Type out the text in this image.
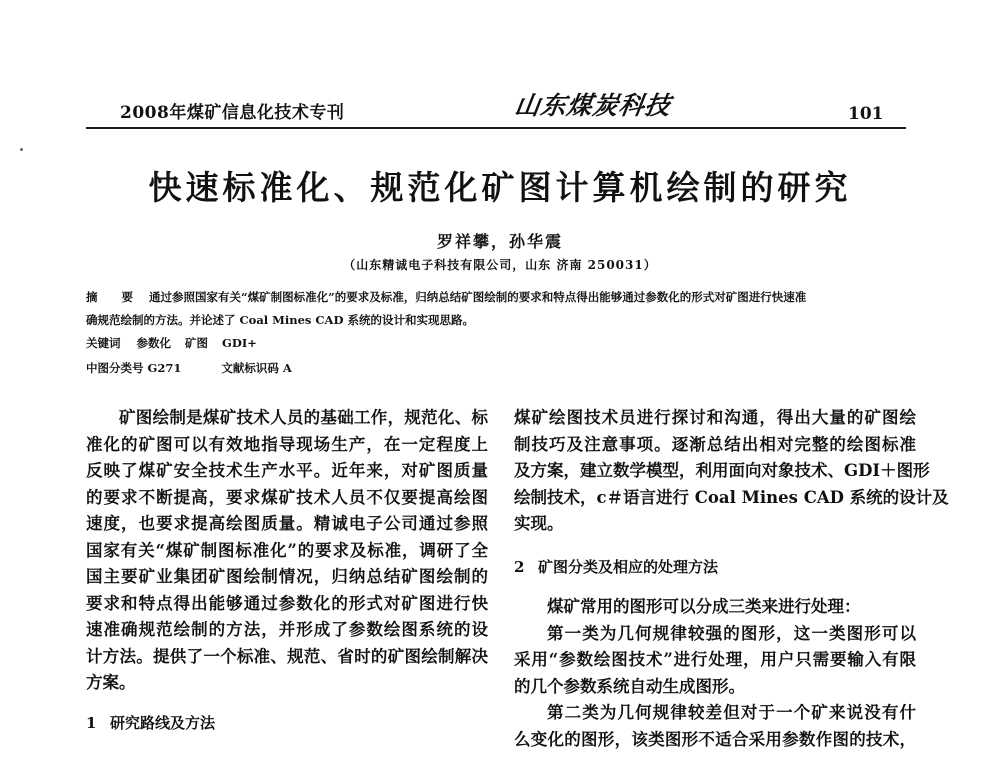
2008年煤矿信息化技术专刊	山东煤炭科技	101
快速标准化、规范化矿图计算机绘制的研究
罗祥攀，孙华震
（山东精诚电子科技有限公司，山东 济南 250031）
摘 要 通过参照国家有关“煤矿制图标准化”的要求及标准，归纳总结矿图绘制的要求和特点得出能够通过参数化的形式对矿图进行快速准
确规范绘制的方法。并论述了 Coal Mines CAD 系统的设计和实现思路。
关键词 参数化 矿图 GDI+
中图分类号 G271	文献标识码 A
矿图绘制是煤矿技术人员的基础工作，规范化、标
准化的矿图可以有效地指导现场生产，在一定程度上
反映了煤矿安全技术生产水平。近年来，对矿图质量
的要求不断提高，要求煤矿技术人员不仅要提高绘图
速度，也要求提高绘图质量。精诚电子公司通过参照
国家有关“煤矿制图标准化”的要求及标准，调研了全
国主要矿业集团矿图绘制情况，归纳总结矿图绘制的
要求和特点得出能够通过参数化的形式对矿图进行快
速准确规范绘制的方法，并形成了参数绘图系统的设
计方法。提供了一个标准、规范、省时的矿图绘制解决
方案。
1 研究路线及方法
煤矿绘图技术员进行探讨和沟通，得出大量的矿图绘
制技巧及注意事项。逐渐总结出相对完整的绘图标准
及方案，建立数学模型，利用面向对象技术、GDI＋图形
绘制技术，c＃语言进行 Coal Mines CAD 系统的设计及
实现。
2 矿图分类及相应的处理方法
煤矿常用的图形可以分成三类来进行处理：
第一类为几何规律较强的图形，这一类图形可以
采用“参数绘图技术”进行处理，用户只需要输入有限
的几个参数系统自动生成图形。
第二类为几何规律较差但对于一个矿来说没有什
么变化的图形，该类图形不适合采用参数作图的技术，
